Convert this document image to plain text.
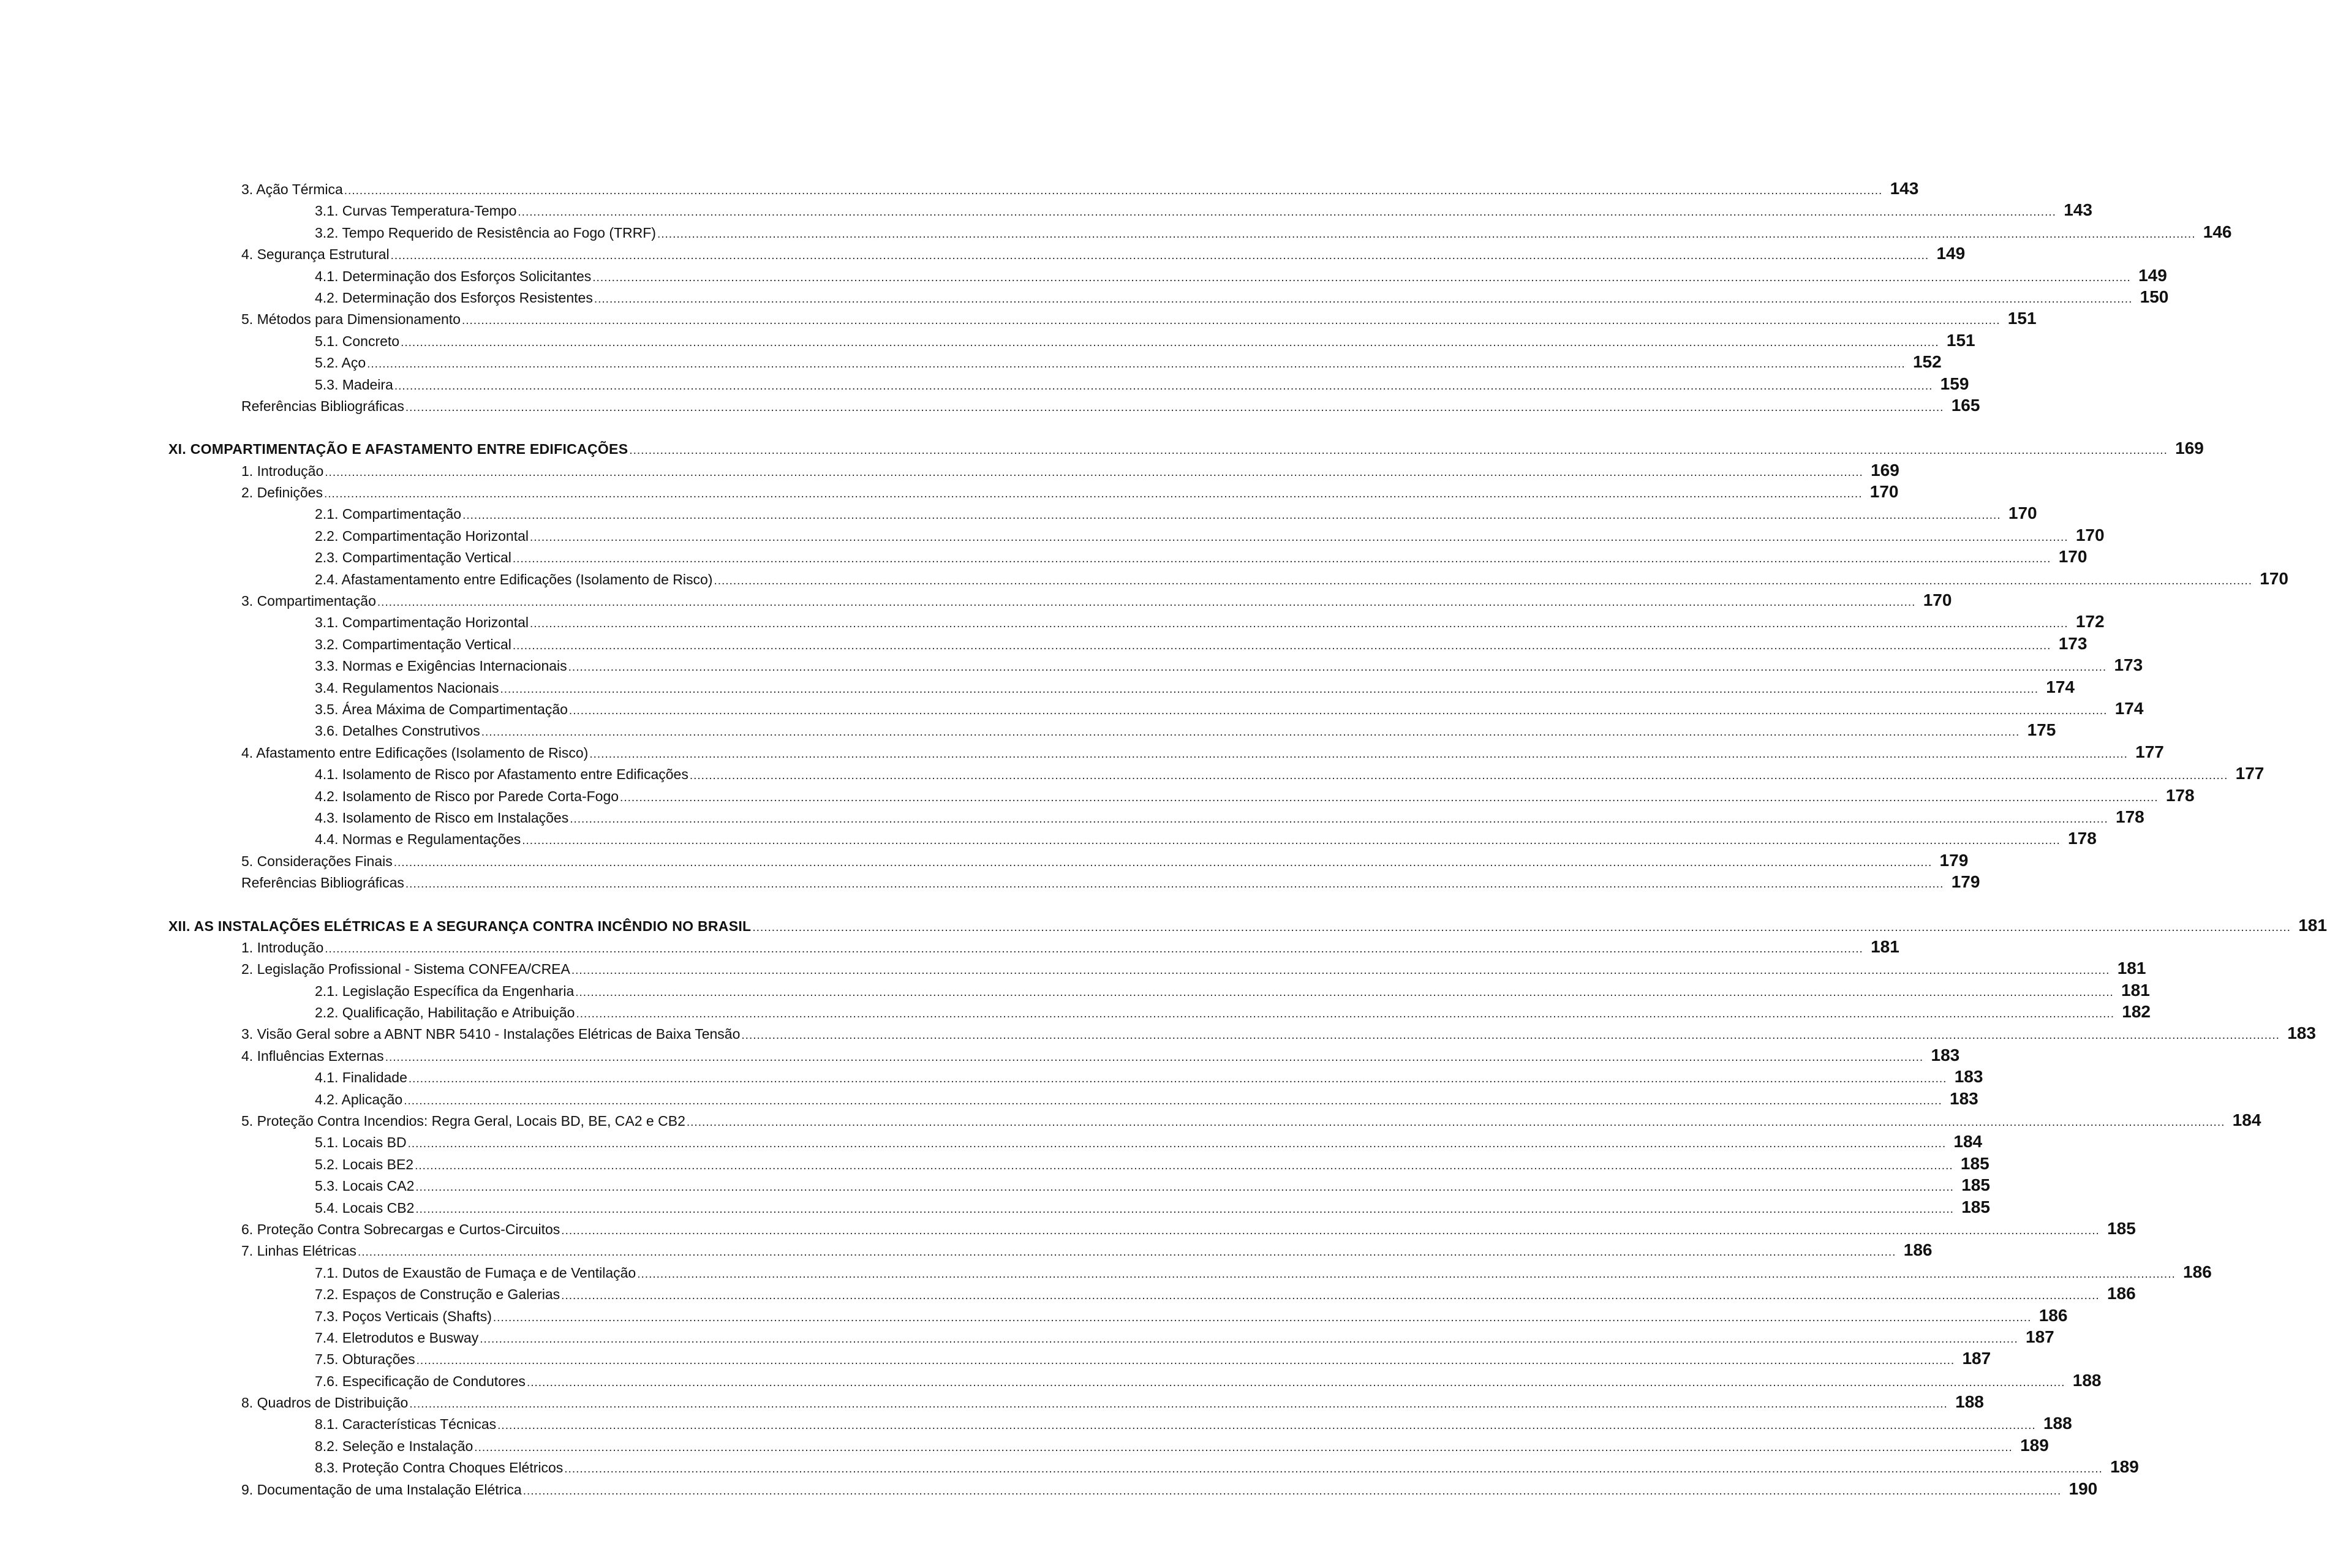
3. Ação Térmica ................................................................................................................................................................................................................................................................................................................................................................................................................ 143
3.1. Curvas Temperatura-Tempo ................................................................................................................................................................................................................................................................................................................................................................................................................ 143
3.2. Tempo Requerido de Resistência ao Fogo (TRRF) ................................................................................................................................................................................................................................................................................................................................................................................................................ 146
4. Segurança Estrutural ................................................................................................................................................................................................................................................................................................................................................................................................................ 149
4.1. Determinação dos Esforços Solicitantes ................................................................................................................................................................................................................................................................................................................................................................................................................ 149
4.2. Determinação dos Esforços Resistentes ................................................................................................................................................................................................................................................................................................................................................................................................................ 150
5. Métodos para Dimensionamento ................................................................................................................................................................................................................................................................................................................................................................................................................ 151
5.1. Concreto ................................................................................................................................................................................................................................................................................................................................................................................................................ 151
5.2. Aço ................................................................................................................................................................................................................................................................................................................................................................................................................ 152
5.3. Madeira ................................................................................................................................................................................................................................................................................................................................................................................................................ 159
Referências Bibliográficas ................................................................................................................................................................................................................................................................................................................................................................................................................ 165
XI. COMPARTIMENTAÇÃO E AFASTAMENTO ENTRE EDIFICAÇÕES ................................................................................................................................................................................................................................................................................................................................................................................................................ 169
1. Introdução ................................................................................................................................................................................................................................................................................................................................................................................................................ 169
2. Definições ................................................................................................................................................................................................................................................................................................................................................................................................................ 170
2.1. Compartimentação ................................................................................................................................................................................................................................................................................................................................................................................................................ 170
2.2. Compartimentação Horizontal ................................................................................................................................................................................................................................................................................................................................................................................................................ 170
2.3. Compartimentação Vertical ................................................................................................................................................................................................................................................................................................................................................................................................................ 170
2.4. Afastamentamento entre Edificações (Isolamento de Risco) ................................................................................................................................................................................................................................................................................................................................................................................................................ 170
3. Compartimentação ................................................................................................................................................................................................................................................................................................................................................................................................................ 170
3.1. Compartimentação Horizontal ................................................................................................................................................................................................................................................................................................................................................................................................................ 172
3.2. Compartimentação Vertical ................................................................................................................................................................................................................................................................................................................................................................................................................ 173
3.3. Normas e Exigências Internacionais ................................................................................................................................................................................................................................................................................................................................................................................................................ 173
3.4. Regulamentos Nacionais ................................................................................................................................................................................................................................................................................................................................................................................................................ 174
3.5. Área Máxima de Compartimentação ................................................................................................................................................................................................................................................................................................................................................................................................................ 174
3.6. Detalhes Construtivos ................................................................................................................................................................................................................................................................................................................................................................................................................ 175
4. Afastamento entre Edificações (Isolamento de Risco) ................................................................................................................................................................................................................................................................................................................................................................................................................ 177
4.1. Isolamento de Risco por Afastamento entre Edificações ................................................................................................................................................................................................................................................................................................................................................................................................................ 177
4.2. Isolamento de Risco por Parede Corta-Fogo ................................................................................................................................................................................................................................................................................................................................................................................................................ 178
4.3. Isolamento de Risco em Instalações ................................................................................................................................................................................................................................................................................................................................................................................................................ 178
4.4. Normas e Regulamentações ................................................................................................................................................................................................................................................................................................................................................................................................................ 178
5. Considerações Finais ................................................................................................................................................................................................................................................................................................................................................................................................................ 179
Referências Bibliográficas ................................................................................................................................................................................................................................................................................................................................................................................................................ 179
XII. AS INSTALAÇÕES ELÉTRICAS E A SEGURANÇA CONTRA INCÊNDIO NO BRASIL ................................................................................................................................................................................................................................................................................................................................................................................................................ 181
1. Introdução ................................................................................................................................................................................................................................................................................................................................................................................................................ 181
2. Legislação Profissional - Sistema CONFEA/CREA ................................................................................................................................................................................................................................................................................................................................................................................................................ 181
2.1. Legislação Específica da Engenharia ................................................................................................................................................................................................................................................................................................................................................................................................................ 181
2.2. Qualificação, Habilitação e Atribuição ................................................................................................................................................................................................................................................................................................................................................................................................................ 182
3. Visão Geral sobre a ABNT NBR 5410 - Instalações Elétricas de Baixa Tensão ................................................................................................................................................................................................................................................................................................................................................................................................................ 183
4. Influências Externas ................................................................................................................................................................................................................................................................................................................................................................................................................ 183
4.1. Finalidade ................................................................................................................................................................................................................................................................................................................................................................................................................ 183
4.2. Aplicação ................................................................................................................................................................................................................................................................................................................................................................................................................ 183
5. Proteção Contra Incendios: Regra Geral, Locais BD, BE, CA2 e CB2 ................................................................................................................................................................................................................................................................................................................................................................................................................ 184
5.1. Locais BD ................................................................................................................................................................................................................................................................................................................................................................................................................ 184
5.2. Locais BE2 ................................................................................................................................................................................................................................................................................................................................................................................................................ 185
5.3. Locais CA2 ................................................................................................................................................................................................................................................................................................................................................................................................................ 185
5.4. Locais CB2 ................................................................................................................................................................................................................................................................................................................................................................................................................ 185
6. Proteção Contra Sobrecargas e Curtos-Circuitos ................................................................................................................................................................................................................................................................................................................................................................................................................ 185
7. Linhas Elétricas ................................................................................................................................................................................................................................................................................................................................................................................................................ 186
7.1. Dutos de Exaustão de Fumaça e de Ventilação ................................................................................................................................................................................................................................................................................................................................................................................................................ 186
7.2. Espaços de Construção e Galerias ................................................................................................................................................................................................................................................................................................................................................................................................................ 186
7.3. Poços Verticais (Shafts) ................................................................................................................................................................................................................................................................................................................................................................................................................ 186
7.4. Eletrodutos e Busway ................................................................................................................................................................................................................................................................................................................................................................................................................ 187
7.5. Obturações ................................................................................................................................................................................................................................................................................................................................................................................................................ 187
7.6. Especificação de Condutores ................................................................................................................................................................................................................................................................................................................................................................................................................ 188
8. Quadros de Distribuição ................................................................................................................................................................................................................................................................................................................................................................................................................ 188
8.1. Características Técnicas ................................................................................................................................................................................................................................................................................................................................................................................................................ 188
8.2. Seleção e Instalação ................................................................................................................................................................................................................................................................................................................................................................................................................ 189
8.3. Proteção Contra Choques Elétricos ................................................................................................................................................................................................................................................................................................................................................................................................................ 189
9. Documentação de uma Instalação Elétrica ................................................................................................................................................................................................................................................................................................................................................................................................................ 190
